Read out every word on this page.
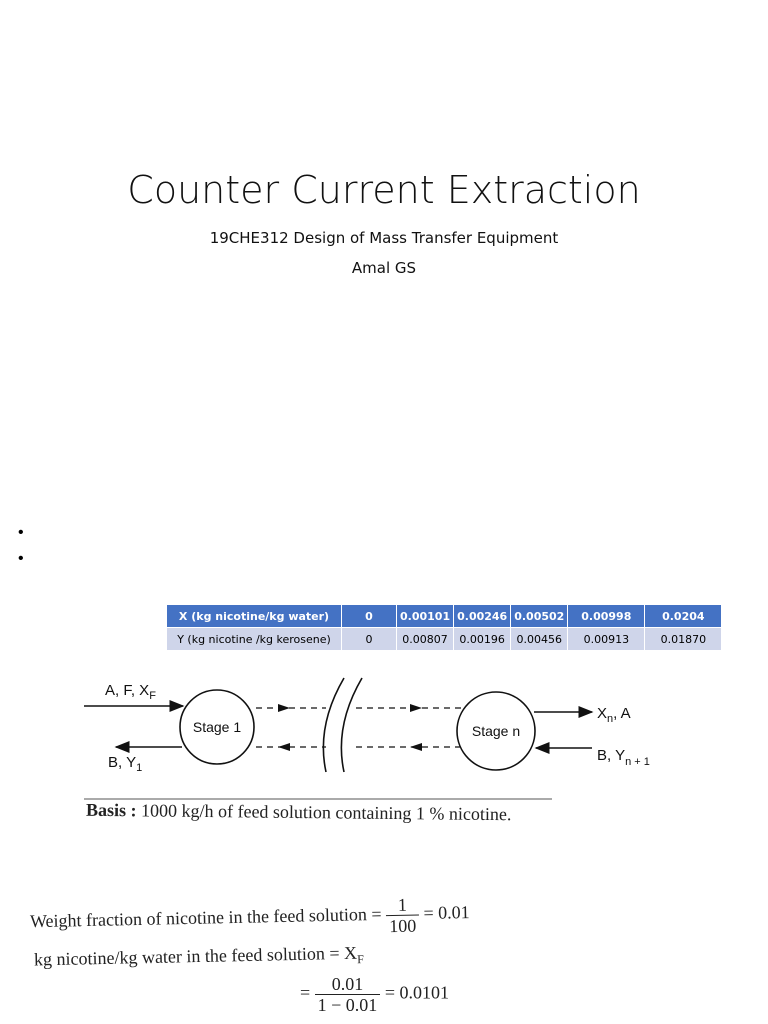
Counter Current Extraction
19CHE312 Design of Mass Transfer Equipment
Amal GS
•
•
X (kg nicotine/kg water)	0	0.00101	0.00246	0.00502	0.00998	0.0204
Y (kg nicotine /kg kerosene)	0	0.00807	0.00196	0.00456	0.00913	0.01870
A, F, $X_F$
B, $Y_1$
Stage 1	Stage n
$X_n$, A
B, $Y_{n + 1}$
Basis : 1000 kg/h of feed solution containing 1 % nicotine.
Weight fraction of nicotine in the feed solution = $\frac{1}{100} = 0.01$
kg nicotine/kg water in the feed solution = $X_F$
= $\frac{0.01}{1 - 0.01} = 0.0101$
